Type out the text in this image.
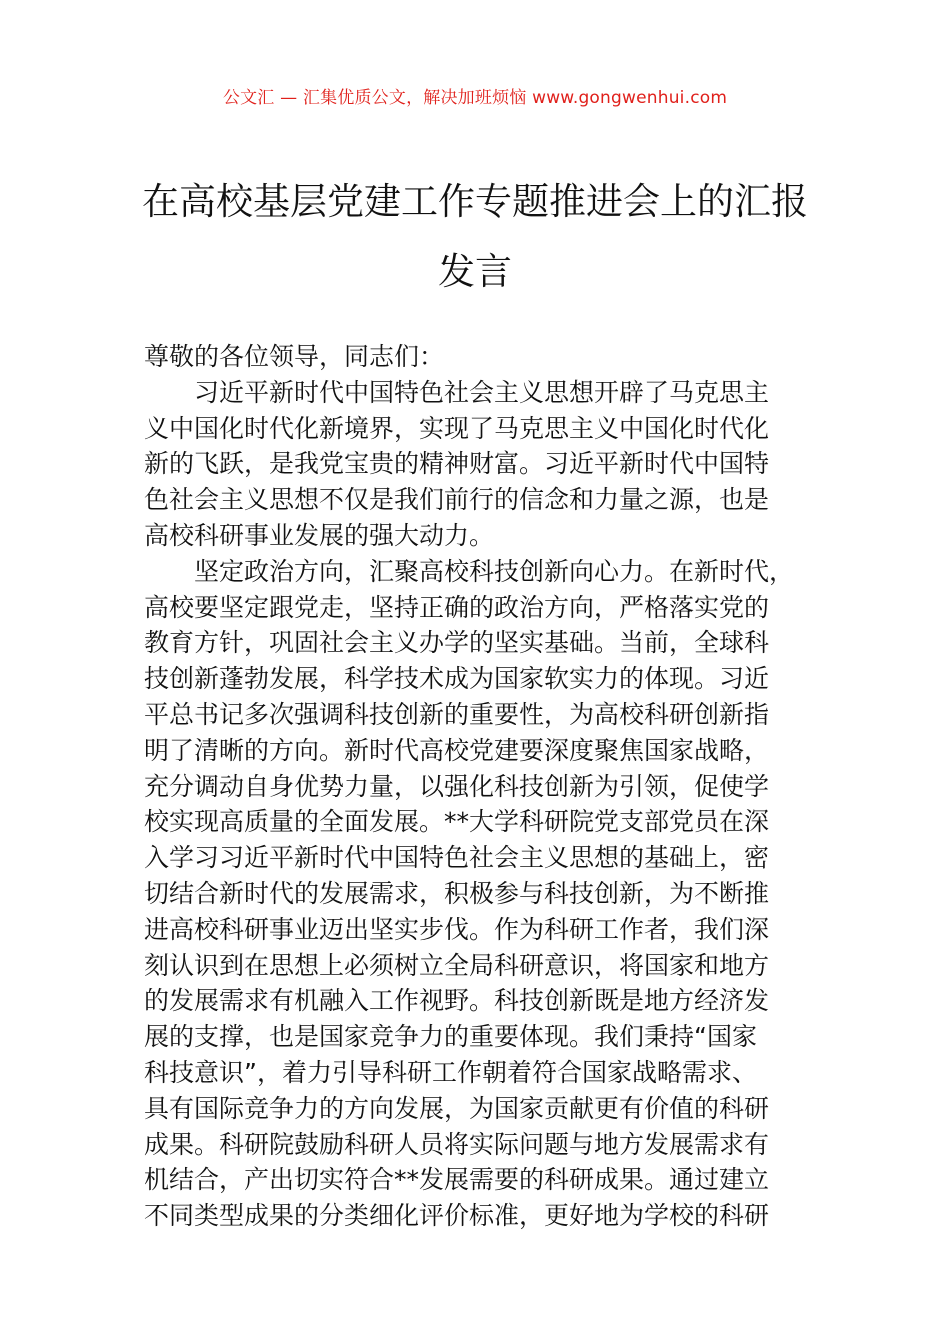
公文汇 — 汇集优质公文，解决加班烦恼 www.gongwenhui.com
在高校基层党建工作专题推进会上的汇报
发言
尊敬的各位领导，同志们：
习近平新时代中国特色社会主义思想开辟了马克思主
义中国化时代化新境界，实现了马克思主义中国化时代化
新的飞跃，是我党宝贵的精神财富。习近平新时代中国特
色社会主义思想不仅是我们前行的信念和力量之源，也是
高校科研事业发展的强大动力。
坚定政治方向，汇聚高校科技创新向心力。在新时代，
高校要坚定跟党走，坚持正确的政治方向，严格落实党的
教育方针，巩固社会主义办学的坚实基础。当前，全球科
技创新蓬勃发展，科学技术成为国家软实力的体现。习近
平总书记多次强调科技创新的重要性，为高校科研创新指
明了清晰的方向。新时代高校党建要深度聚焦国家战略，
充分调动自身优势力量，以强化科技创新为引领，促使学
校实现高质量的全面发展。**大学科研院党支部党员在深
入学习习近平新时代中国特色社会主义思想的基础上，密
切结合新时代的发展需求，积极参与科技创新，为不断推
进高校科研事业迈出坚实步伐。作为科研工作者，我们深
刻认识到在思想上必须树立全局科研意识，将国家和地方
的发展需求有机融入工作视野。科技创新既是地方经济发
展的支撑，也是国家竞争力的重要体现。我们秉持“国家
科技意识”，着力引导科研工作朝着符合国家战略需求、
具有国际竞争力的方向发展，为国家贡献更有价值的科研
成果。科研院鼓励科研人员将实际问题与地方发展需求有
机结合，产出切实符合**发展需要的科研成果。通过建立
不同类型成果的分类细化评价标准，更好地为学校的科研
